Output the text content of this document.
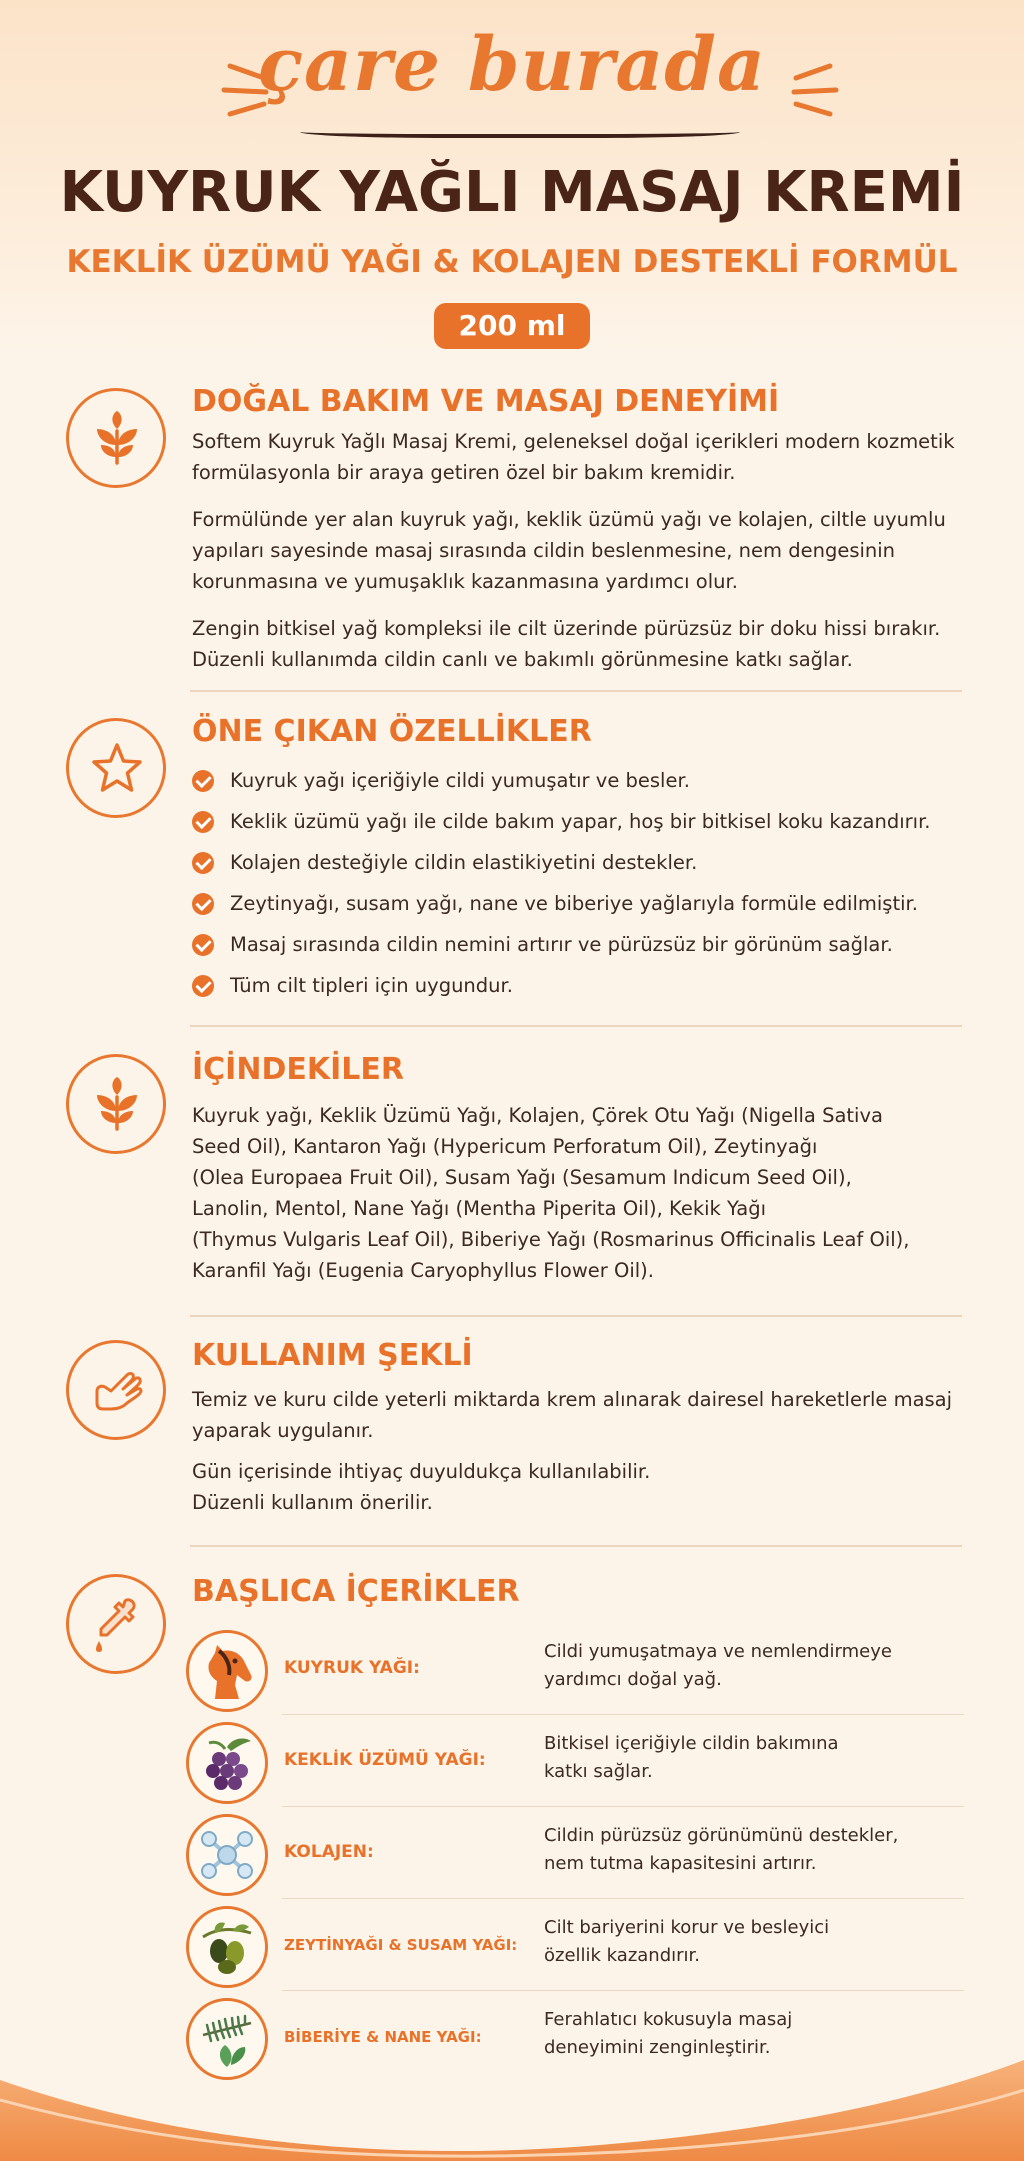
çare burada
KUYRUK YAĞLI MASAJ KREMİ
KEKLİK ÜZÜMÜ YAĞI & KOLAJEN DESTEKLİ FORMÜL
200 ml
DOĞAL BAKIM VE MASAJ DENEYİMİ

Softem Kuyruk Yağlı Masaj Kremi, geleneksel doğal içerikleri modern kozmetik formülasyonla bir araya getiren özel bir bakım kremidir.

Formülünde yer alan kuyruk yağı, keklik üzümü yağı ve kolajen, ciltle uyumlu yapıları sayesinde masaj sırasında cildin beslenmesine, nem dengesinin korunmasına ve yumuşaklık kazanmasına yardımcı olur.

Zengin bitkisel yağ kompleksi ile cilt üzerinde pürüzsüz bir doku hissi bırakır. Düzenli kullanımda cildin canlı ve bakımlı görünmesine katkı sağlar.

ÖNE ÇIKAN ÖZELLİKLER
Kuyruk yağı içeriğiyle cildi yumuşatır ve besler.
Keklik üzümü yağı ile cilde bakım yapar, hoş bir bitkisel koku kazandırır.
Kolajen desteğiyle cildin elastikiyetini destekler.
Zeytinyağı, susam yağı, nane ve biberiye yağlarıyla formüle edilmiştir.
Masaj sırasında cildin nemini artırır ve pürüzsüz bir görünüm sağlar.
Tüm cilt tipleri için uygundur.
İÇİNDEKİLER
Kuyruk yağı, Keklik Üzümü Yağı, Kolajen, Çörek Otu Yağı (Nigella Sativa
Seed Oil), Kantaron Yağı (Hypericum Perforatum Oil), Zeytinyağı
(Olea Europaea Fruit Oil), Susam Yağı (Sesamum Indicum Seed Oil),
Lanolin, Mentol, Nane Yağı (Mentha Piperita Oil), Kekik Yağı
(Thymus Vulgaris Leaf Oil), Biberiye Yağı (Rosmarinus Officinalis Leaf Oil),
Karanfil Yağı (Eugenia Caryophyllus Flower Oil).
KULLANIM ŞEKLİ

Temiz ve kuru cilde yeterli miktarda krem alınarak dairesel hareketlerle masaj yaparak uygulanır.

Gün içerisinde ihtiyaç duyuldukça kullanılabilir.
Düzenli kullanım önerilir.
BAŞLICA İÇERİKLER
KUYRUK YAĞI:
Cildi yumuşatmaya ve nemlendirmeye
yardımcı doğal yağ.
KEKLİK ÜZÜMÜ YAĞI:
Bitkisel içeriğiyle cildin bakımına
katkı sağlar.
KOLAJEN:
Cildin pürüzsüz görünümünü destekler,
nem tutma kapasitesini artırır.
ZEYTİNYAĞI & SUSAM YAĞI:
Cilt bariyerini korur ve besleyici
özellik kazandırır.
BİBERİYE & NANE YAĞI:
Ferahlatıcı kokusuyla masaj
deneyimini zenginleştirir.
